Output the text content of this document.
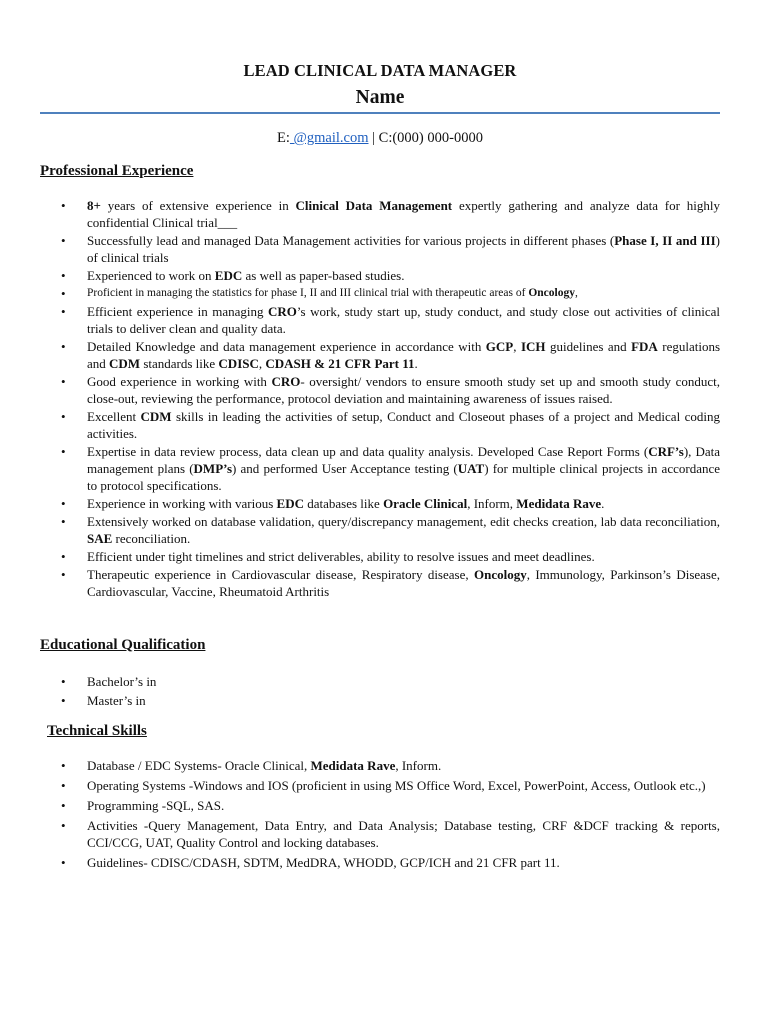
LEAD CLINICAL DATA MANAGER
Name
E: @gmail.com | C:(000) 000-0000
Professional Experience
• 8+ years of extensive experience in Clinical Data Management expertly gathering and analyze data for highly confidential Clinical trial___
• Successfully lead and managed Data Management activities for various projects in different phases (Phase I, II and III) of clinical trials
• Experienced to work on EDC as well as paper-based studies.
• Proficient in managing the statistics for phase I, II and III clinical trial with therapeutic areas of Oncology,
• Efficient experience in managing CRO’s work, study start up, study conduct, and study close out activities of clinical trials to deliver clean and quality data.
• Detailed Knowledge and data management experience in accordance with GCP, ICH guidelines and FDA regulations and CDM standards like CDISC, CDASH & 21 CFR Part 11.
• Good experience in working with CRO- oversight/ vendors to ensure smooth study set up and smooth study conduct, close-out, reviewing the performance, protocol deviation and maintaining awareness of issues raised.
• Excellent CDM skills in leading the activities of setup, Conduct and Closeout phases of a project and Medical coding activities.
• Expertise in data review process, data clean up and data quality analysis. Developed Case Report Forms (CRF’s), Data management plans (DMP’s) and performed User Acceptance testing (UAT) for multiple clinical projects in accordance to protocol specifications.
• Experience in working with various EDC databases like Oracle Clinical, Inform, Medidata Rave.
• Extensively worked on database validation, query/discrepancy management, edit checks creation, lab data reconciliation, SAE reconciliation.
• Efficient under tight timelines and strict deliverables, ability to resolve issues and meet deadlines.
• Therapeutic experience in Cardiovascular disease, Respiratory disease, Oncology, Immunology, Parkinson’s Disease, Cardiovascular, Vaccine, Rheumatoid Arthritis
Educational Qualification
• Bachelor’s in
• Master’s in
Technical Skills
• Database / EDC Systems- Oracle Clinical, Medidata Rave, Inform.
• Operating Systems -Windows and IOS (proficient in using MS Office Word, Excel, PowerPoint, Access, Outlook etc.,)
• Programming -SQL, SAS.
• Activities -Query Management, Data Entry, and Data Analysis; Database testing, CRF &DCF tracking & reports, CCI/CCG, UAT, Quality Control and locking databases.
• Guidelines- CDISC/CDASH, SDTM, MedDRA, WHODD, GCP/ICH and 21 CFR part 11.
